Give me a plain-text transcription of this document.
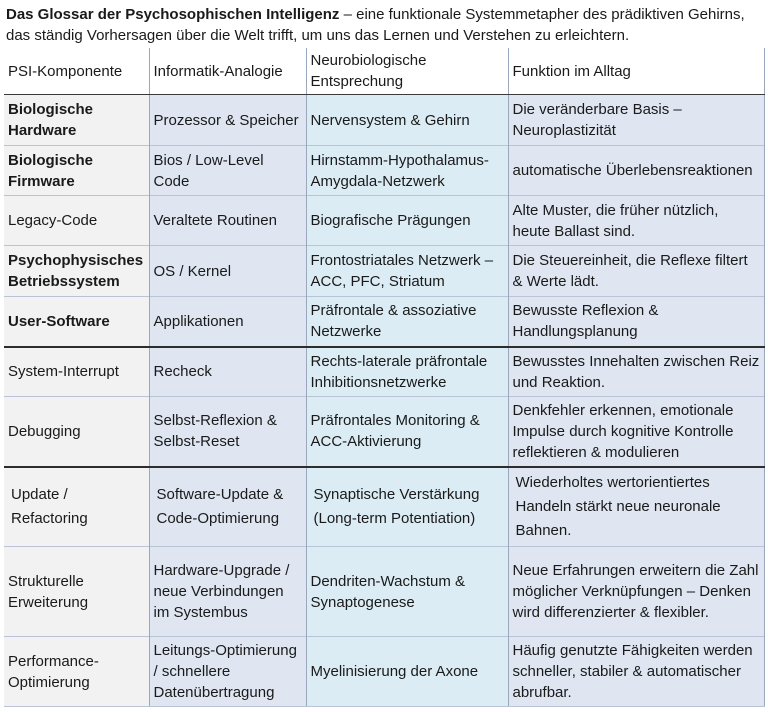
Das Glossar der Psychosophischen Intelligenz – eine funktionale Systemmetapher des prädiktiven Gehirns, das ständig Vorhersagen über die Welt trifft, um uns das Lernen und Verstehen zu erleichtern.
PSI-Komponente	Informatik-Analogie	Neurobiologische Entsprechung	Funktion im Alltag
Biologische Hardware	Prozessor & Speicher	Nervensystem & Gehirn	Die veränderbare Basis – Neuroplastizität
Biologische Firmware	Bios / Low-Level Code	Hirnstamm-Hypothalamus-Amygdala-Netzwerk	automatische Überlebensreaktionen
Legacy-Code	Veraltete Routinen	Biografische Prägungen	Alte Muster, die früher nützlich, heute Ballast sind.
Psychophysisches Betriebssystem	OS / Kernel	Frontostriatales Netzwerk – ACC, PFC, Striatum	Die Steuereinheit, die Reflexe filtert & Werte lädt.
User-Software	Applikationen	Präfrontale & assoziative Netzwerke	Bewusste Reflexion & Handlungsplanung
System-Interrupt	Recheck	Rechts-laterale präfrontale Inhibitionsnetzwerke	Bewusstes Innehalten zwischen Reiz und Reaktion.
Debugging	Selbst-Reflexion & Selbst-Reset	Präfrontales Monitoring & ACC-Aktivierung	Denkfehler erkennen, emotionale Impulse durch kognitive Kontrolle reflektieren & modulieren
Update / Refactoring	Software-Update & Code-Optimierung	Synaptische Verstärkung (Long-term Potentiation)	Wiederholtes wertorientiertes Handeln stärkt neue neuronale Bahnen.
Strukturelle Erweiterung	Hardware-Upgrade / neue Verbindungen im Systembus	Dendriten-Wachstum & Synaptogenese	Neue Erfahrungen erweitern die Zahl möglicher Verknüpfungen – Denken wird differenzierter & flexibler.
Performance-Optimierung	Leitungs-Optimierung / schnellere Datenübertragung	Myelinisierung der Axone	Häufig genutzte Fähigkeiten werden schneller, stabiler & automatischer abrufbar.
